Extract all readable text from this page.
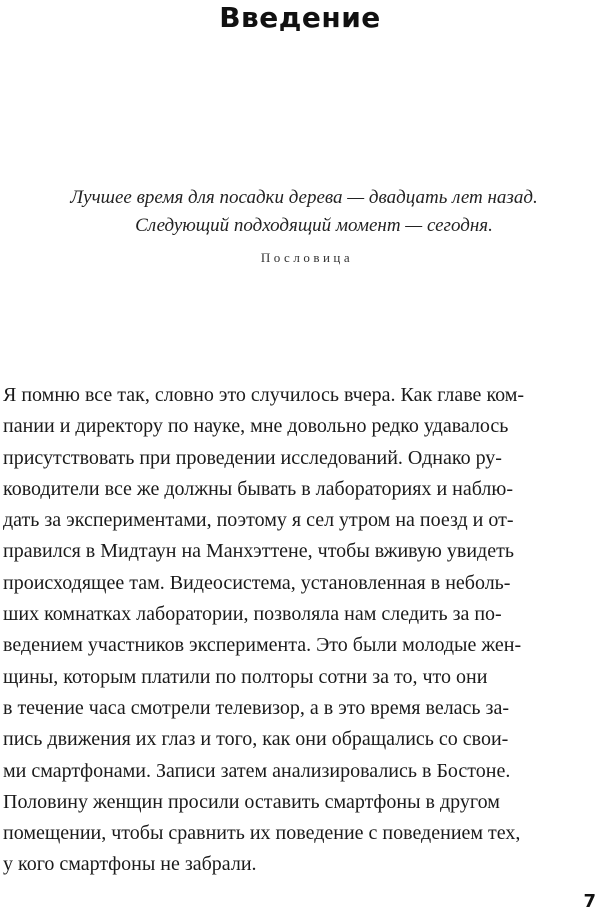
Введение
Лучшее время для посадки дерева — двадцать лет назад.
Следующий подходящий момент — сегодня.
Пословица
Я помню все так, словно это случилось вчера. Как главе ком-
пании и директору по науке, мне довольно редко удавалось
присутствовать при проведении исследований. Однако ру-
ководители все же должны бывать в лабораториях и наблю-
дать за экспериментами, поэтому я сел утром на поезд и от-
правился в Мидтаун на Манхэттене, чтобы вживую увидеть
происходящее там. Видеосистема, установленная в неболь-
ших комнатках лаборатории, позволяла нам следить за по-
ведением участников эксперимента. Это были молодые жен-
щины, которым платили по полторы сотни за то, что они
в течение часа смотрели телевизор, а в это время велась за-
пись движения их глаз и того, как они обращались со свои-
ми смартфонами. Записи затем анализировались в Бостоне.
Половину женщин просили оставить смартфоны в другом
помещении, чтобы сравнить их поведение с поведением тех,
у кого смартфоны не забрали.
7
